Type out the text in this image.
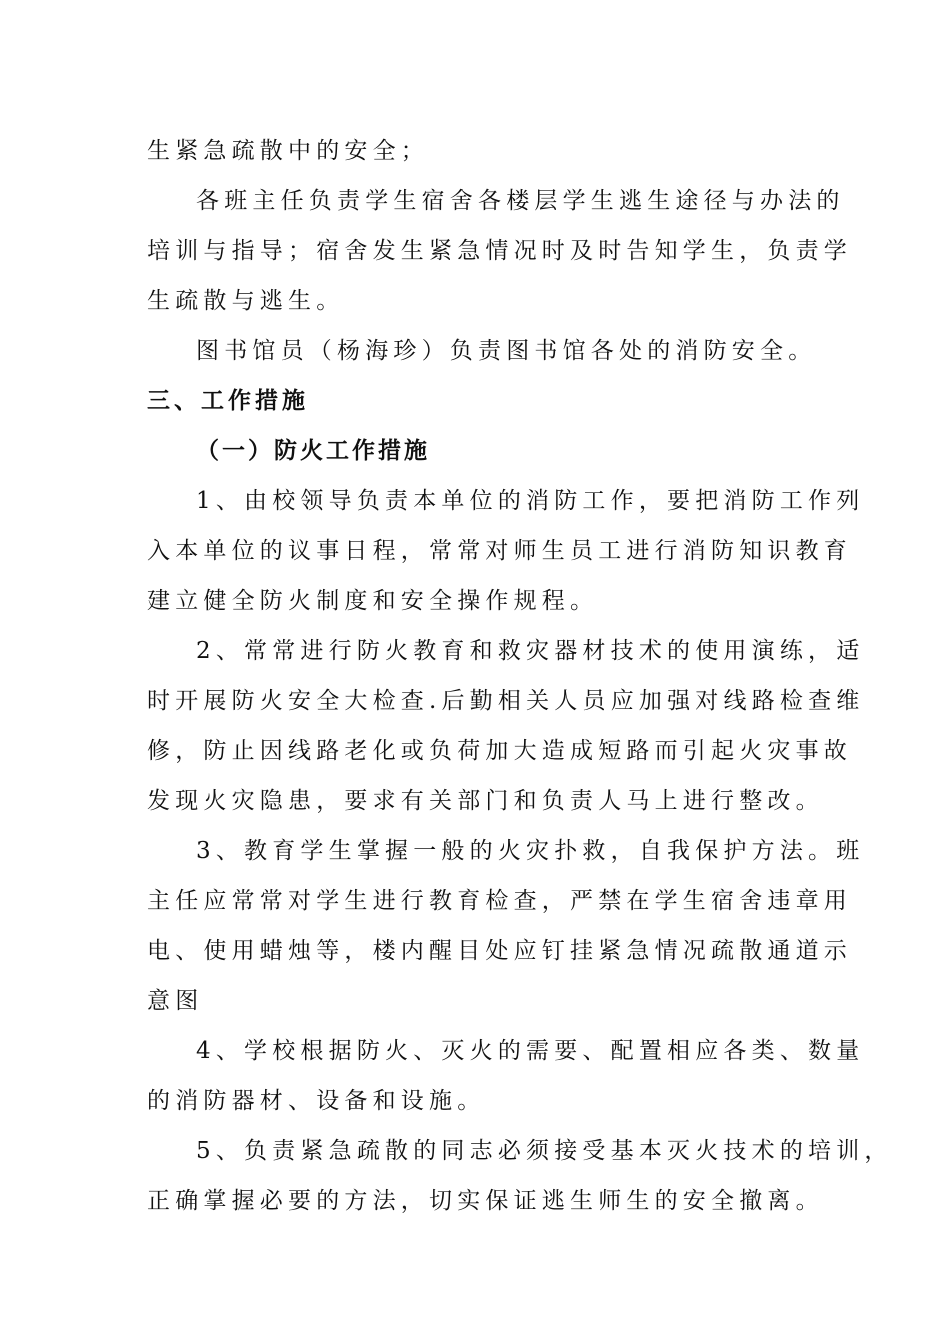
生紧急疏散中的安全；
各班主任负责学生宿舍各楼层学生逃生途径与办法的
培训与指导；宿舍发生紧急情况时及时告知学生，负责学
生疏散与逃生。
图书馆员（杨海珍）负责图书馆各处的消防安全。
三、工作措施
（一）防火工作措施
1、由校领导负责本单位的消防工作，要把消防工作列
入本单位的议事日程，常常对师生员工进行消防知识教育
建立健全防火制度和安全操作规程。
2、常常进行防火教育和救灾器材技术的使用演练，适
时开展防火安全大检查.后勤相关人员应加强对线路检查维
修，防止因线路老化或负荷加大造成短路而引起火灾事故
发现火灾隐患，要求有关部门和负责人马上进行整改。
3、教育学生掌握一般的火灾扑救，自我保护方法。班
主任应常常对学生进行教育检查，严禁在学生宿舍违章用
电、使用蜡烛等，楼内醒目处应钉挂紧急情况疏散通道示
意图
4、学校根据防火、灭火的需要、配置相应各类、数量
的消防器材、设备和设施。
5、负责紧急疏散的同志必须接受基本灭火技术的培训，
正确掌握必要的方法，切实保证逃生师生的安全撤离。
